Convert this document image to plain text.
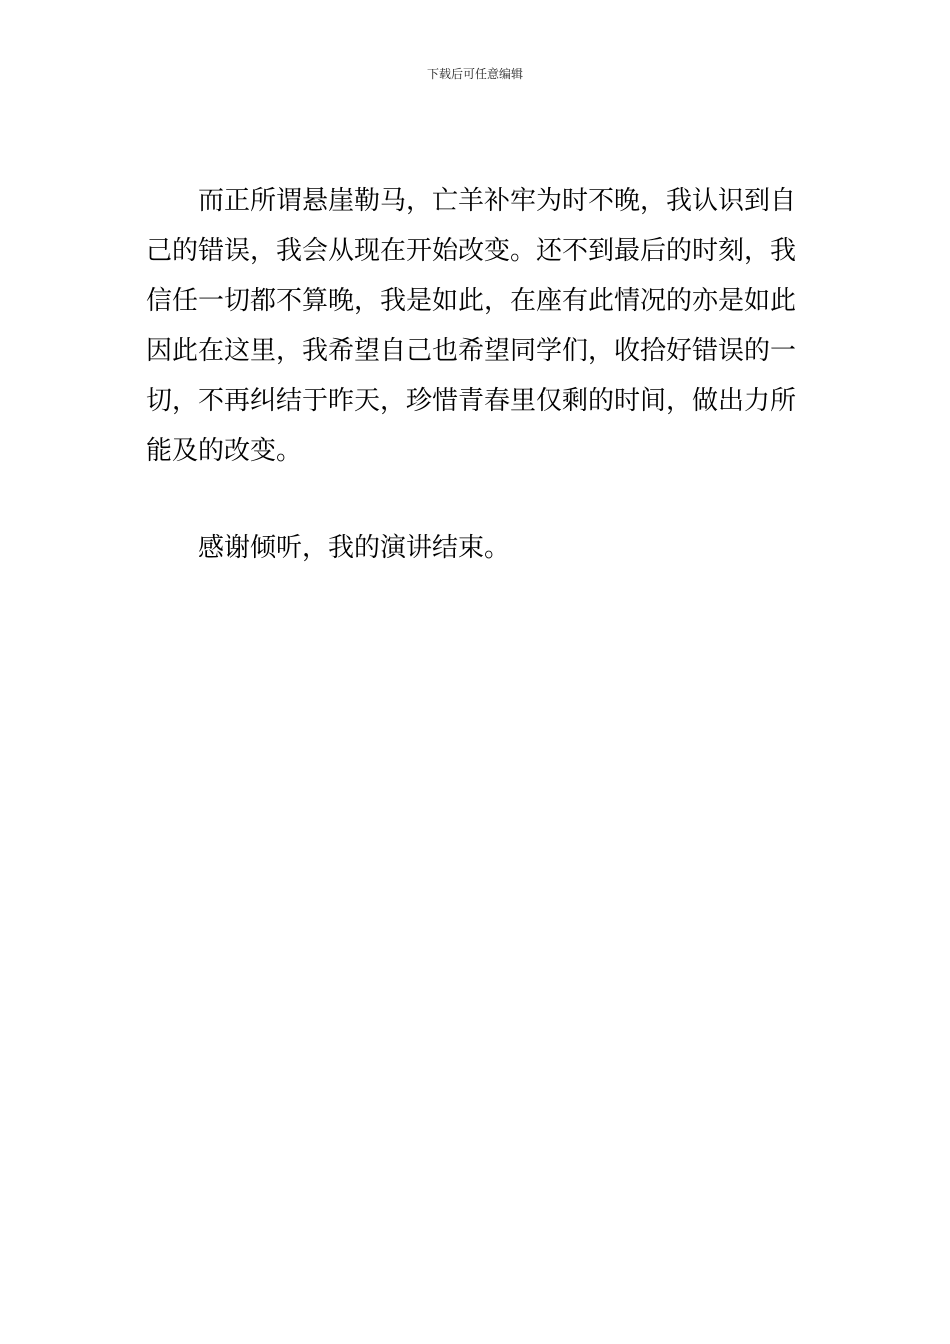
下载后可任意编辑

而正所谓悬崖勒马，亡羊补牢为时不晚，我认识到自
己的错误，我会从现在开始改变。还不到最后的时刻，我
信任一切都不算晚，我是如此，在座有此情况的亦是如此
因此在这里，我希望自己也希望同学们，收拾好错误的一
切，不再纠结于昨天，珍惜青春里仅剩的时间，做出力所
能及的改变。

感谢倾听，我的演讲结束。
